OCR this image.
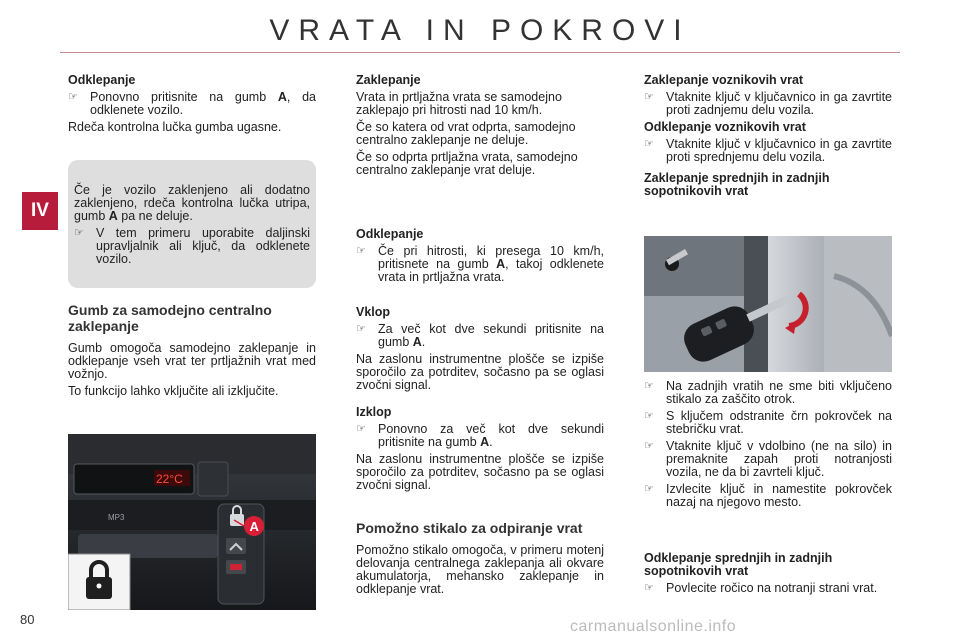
VRATA IN POKROVI
IV
80
Odklepanje
☞ Ponovno pritisnite na gumb A, da odklenete vozilo.
Rdeča kontrolna lučka gumba ugasne.
Če je vozilo zaklenjeno ali dodatno zaklenjeno, rdeča kontrolna lučka utripa, gumb A pa ne deluje.
☞ V tem primeru uporabite daljinski upravljalnik ali ključ, da odklenete vozilo.
Gumb za samodejno centralno zaklepanje
Gumb omogoča samodejno zaklepanje in odklepanje vseh vrat ter prtljažnih vrat med vožnjo.
To funkcijo lahko vključite ali izključite.
22°C
MP3
A
Zaklepanje
Vrata in prtljažna vrata se samodejno zaklepajo pri hitrosti nad 10 km/h.
Če so katera od vrat odprta, samodejno centralno zaklepanje ne deluje.
Če so odprta prtljažna vrata, samodejno centralno zaklepanje vrat deluje.
Odklepanje
☞ Če pri hitrosti, ki presega 10 km/h, pritisnete na gumb A, takoj odklenete vrata in prtljažna vrata.
Vklop
☞ Za več kot dve sekundi pritisnite na gumb A.
Na zaslonu instrumentne plošče se izpiše sporočilo za potrditev, sočasno pa se oglasi zvočni signal.
Izklop
☞ Ponovno za več kot dve sekundi pritisnite na gumb A.
Na zaslonu instrumentne plošče se izpiše sporočilo za potrditev, sočasno pa se oglasi zvočni signal.
Pomožno stikalo za odpiranje vrat
Pomožno stikalo omogoča, v primeru motenj delovanja centralnega zaklepanja ali okvare akumulatorja, mehansko zaklepanje in odklepanje vrat.
Zaklepanje voznikovih vrat
☞ Vtaknite ključ v ključavnico in ga zavrtite proti zadnjemu delu vozila.
Odklepanje voznikovih vrat
☞ Vtaknite ključ v ključavnico in ga zavrtite proti sprednjemu delu vozila.
Zaklepanje sprednjih in zadnjih sopotnikovih vrat
☞ Na zadnjih vratih ne sme biti vključeno stikalo za zaščito otrok.
☞ S ključem odstranite črn pokrovček na stebričku vrat.
☞ Vtaknite ključ v vdolbino (ne na silo) in premaknite zapah proti notranjosti vozila, ne da bi zavrteli ključ.
☞ Izvlecite ključ in namestite pokrovček nazaj na njegovo mesto.
Odklepanje sprednjih in zadnjih sopotnikovih vrat
☞ Povlecite ročico na notranji strani vrat.
carmanualsonline.info
